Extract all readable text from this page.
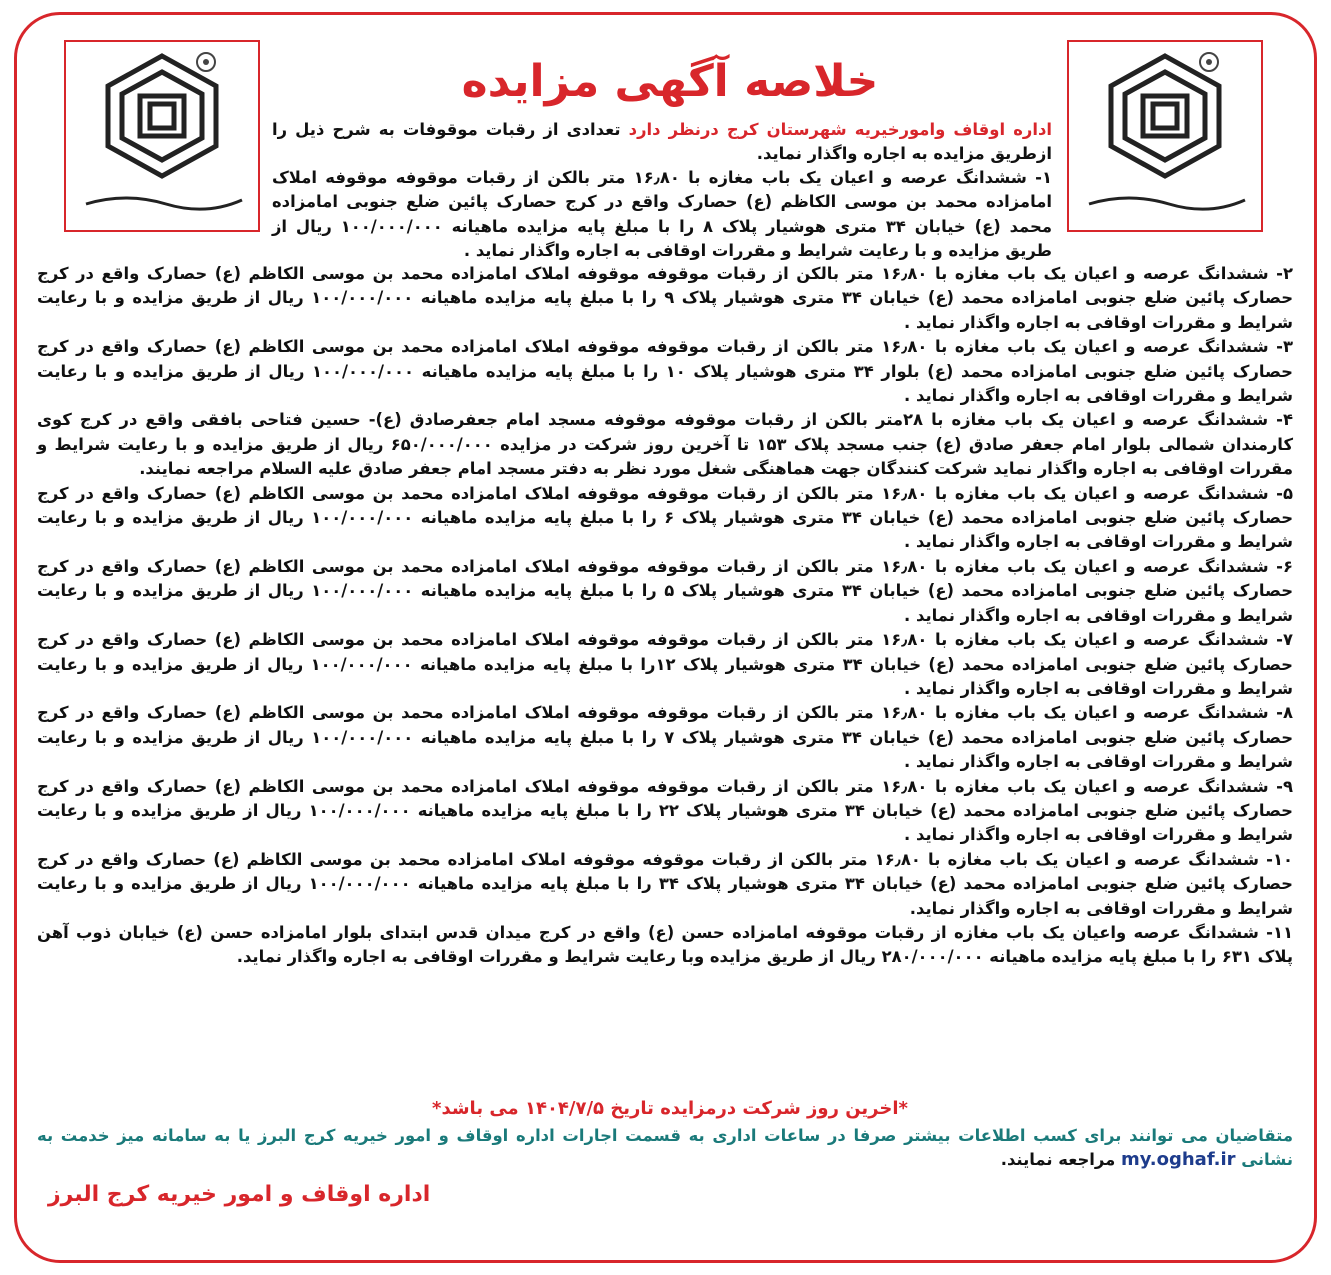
خلاصه آگهی مزایده

اداره اوقاف وامورخیریه شهرستان کرج درنظر دارد تعدادی از رقبات موقوفات به شرح ذیل را ازطریق مزایده به اجاره واگذار نماید.

۲- ششدانگ عرصه و اعیان یک باب مغازه با ۱۶٫۸۰ متر بالکن از رقبات موقوفه موقوفه املاک امامزاده محمد بن موسی الکاظم (ع) حصارک واقع در کرج حصارک پائین ضلع جنوبی امامزاده محمد (ع) خیابان ۳۴ متری هوشیار پلاک ۹ را با مبلغ پایه مزایده ماهیانه ۱۰۰/۰۰۰/۰۰۰ ریال از طریق مزایده و با رعایت شرایط و مقررات اوقافی به اجاره واگذار نماید .

۳- ششدانگ عرصه و اعیان یک باب مغازه با ۱۶٫۸۰ متر بالکن از رقبات موقوفه موقوفه املاک امامزاده محمد بن موسی الکاظم (ع) حصارک واقع در کرج حصارک پائین ضلع جنوبی امامزاده محمد (ع) بلوار ۳۴ متری هوشیار پلاک ۱۰ را با مبلغ پایه مزایده ماهیانه ۱۰۰/۰۰۰/۰۰۰ ریال از طریق مزایده و با رعایت شرایط و مقررات اوقافی به اجاره واگذار نماید .

۴- ششدانگ عرصه و اعیان یک باب مغازه با ۲۸متر بالکن از رقبات موقوفه موقوفه مسجد امام جعفرصادق (ع)- حسین فتاحی بافقی واقع در کرج کوی کارمندان شمالی بلوار امام جعفر صادق (ع) جنب مسجد پلاک ۱۵۳ تا آخرین روز شرکت در مزایده ۶۵۰/۰۰۰/۰۰۰ ریال از طریق مزایده و با رعایت شرایط و مقررات اوقافی به اجاره واگذار نماید شرکت کنندگان جهت هماهنگی شغل مورد نظر به دفتر مسجد امام جعفر صادق علیه السلام مراجعه نمایند.

۵- ششدانگ عرصه و اعیان یک باب مغازه با ۱۶٫۸۰ متر بالکن از رقبات موقوفه موقوفه املاک امامزاده محمد بن موسی الکاظم (ع) حصارک واقع در کرج حصارک پائین ضلع جنوبی امامزاده محمد (ع) خیابان ۳۴ متری هوشیار پلاک ۶ را با مبلغ پایه مزایده ماهیانه ۱۰۰/۰۰۰/۰۰۰ ریال از طریق مزایده و با رعایت شرایط و مقررات اوقافی به اجاره واگذار نماید .

۶- ششدانگ عرصه و اعیان یک باب مغازه با ۱۶٫۸۰ متر بالکن از رقبات موقوفه موقوفه املاک امامزاده محمد بن موسی الکاظم (ع) حصارک واقع در کرج حصارک پائین ضلع جنوبی امامزاده محمد (ع) خیابان ۳۴ متری هوشیار پلاک ۵ را با مبلغ پایه مزایده ماهیانه ۱۰۰/۰۰۰/۰۰۰ ریال از طریق مزایده و با رعایت شرایط و مقررات اوقافی به اجاره واگذار نماید .

۷- ششدانگ عرصه و اعیان یک باب مغازه با ۱۶٫۸۰ متر بالکن از رقبات موقوفه موقوفه املاک امامزاده محمد بن موسی الکاظم (ع) حصارک واقع در کرج حصارک پائین ضلع جنوبی امامزاده محمد (ع) خیابان ۳۴ متری هوشیار پلاک ۱۲را با مبلغ پایه مزایده ماهیانه ۱۰۰/۰۰۰/۰۰۰ ریال از طریق مزایده و با رعایت شرایط و مقررات اوقافی به اجاره واگذار نماید .

۸- ششدانگ عرصه و اعیان یک باب مغازه با ۱۶٫۸۰ متر بالکن از رقبات موقوفه موقوفه املاک امامزاده محمد بن موسی الکاظم (ع) حصارک واقع در کرج حصارک پائین ضلع جنوبی امامزاده محمد (ع) خیابان ۳۴ متری هوشیار پلاک ۷ را با مبلغ پایه مزایده ماهیانه ۱۰۰/۰۰۰/۰۰۰ ریال از طریق مزایده و با رعایت شرایط و مقررات اوقافی به اجاره واگذار نماید .

۹- ششدانگ عرصه و اعیان یک باب مغازه با ۱۶٫۸۰ متر بالکن از رقبات موقوفه موقوفه املاک امامزاده محمد بن موسی الکاظم (ع) حصارک واقع در کرج حصارک پائین ضلع جنوبی امامزاده محمد (ع) خیابان ۳۴ متری هوشیار پلاک ۲۲ را با مبلغ پایه مزایده ماهیانه ۱۰۰/۰۰۰/۰۰۰ ریال از طریق مزایده و با رعایت شرایط و مقررات اوقافی به اجاره واگذار نماید .

۱۰- ششدانگ عرصه و اعیان یک باب مغازه با ۱۶٫۸۰ متر بالکن از رقبات موقوفه موقوفه املاک امامزاده محمد بن موسی الکاظم (ع) حصارک واقع در کرج حصارک پائین ضلع جنوبی امامزاده محمد (ع) خیابان ۳۴ متری هوشیار پلاک ۳۴ را با مبلغ پایه مزایده ماهیانه ۱۰۰/۰۰۰/۰۰۰ ریال از طریق مزایده و با رعایت شرایط و مقررات اوقافی به اجاره واگذار نماید.

۱۱- ششدانگ عرصه واعیان یک باب مغازه از رقبات موقوفه امامزاده حسن (ع) واقع در کرج میدان قدس ابتدای بلوار امامزاده حسن (ع) خیابان ذوب آهن پلاک ۶۳۱ را با مبلغ پایه مزایده ماهیانه ۲۸۰/۰۰۰/۰۰۰ ریال از طریق مزایده وبا رعایت شرایط و مقررات اوقافی به اجاره واگذار نماید.

۱- ششدانگ عرصه و اعیان یک باب مغازه با ۱۶٫۸۰ متر بالکن از رقبات موقوفه موقوفه املاک امامزاده محمد بن موسی الکاظم (ع) حصارک واقع در کرج حصارک پائین ضلع جنوبی امامزاده محمد (ع) خیابان ۳۴ متری هوشیار پلاک ۸ را با مبلغ پایه مزایده ماهیانه ۱۰۰/۰۰۰/۰۰۰ ریال از طریق مزایده و با رعایت شرایط و مقررات اوقافی به اجاره واگذار نماید .

*اخرین روز شرکت درمزایده تاریخ ۱۴۰۴/۷/۵ می باشد*

متقاضیان می توانند برای کسب اطلاعات بیشتر صرفا در ساعات اداری به قسمت اجارات اداره اوقاف و امور خیریه کرج البرز یا به سامانه میز خدمت به نشانی my.oghaf.ir مراجعه نمایند.

اداره اوقاف و امور خیریه کرج البرز
